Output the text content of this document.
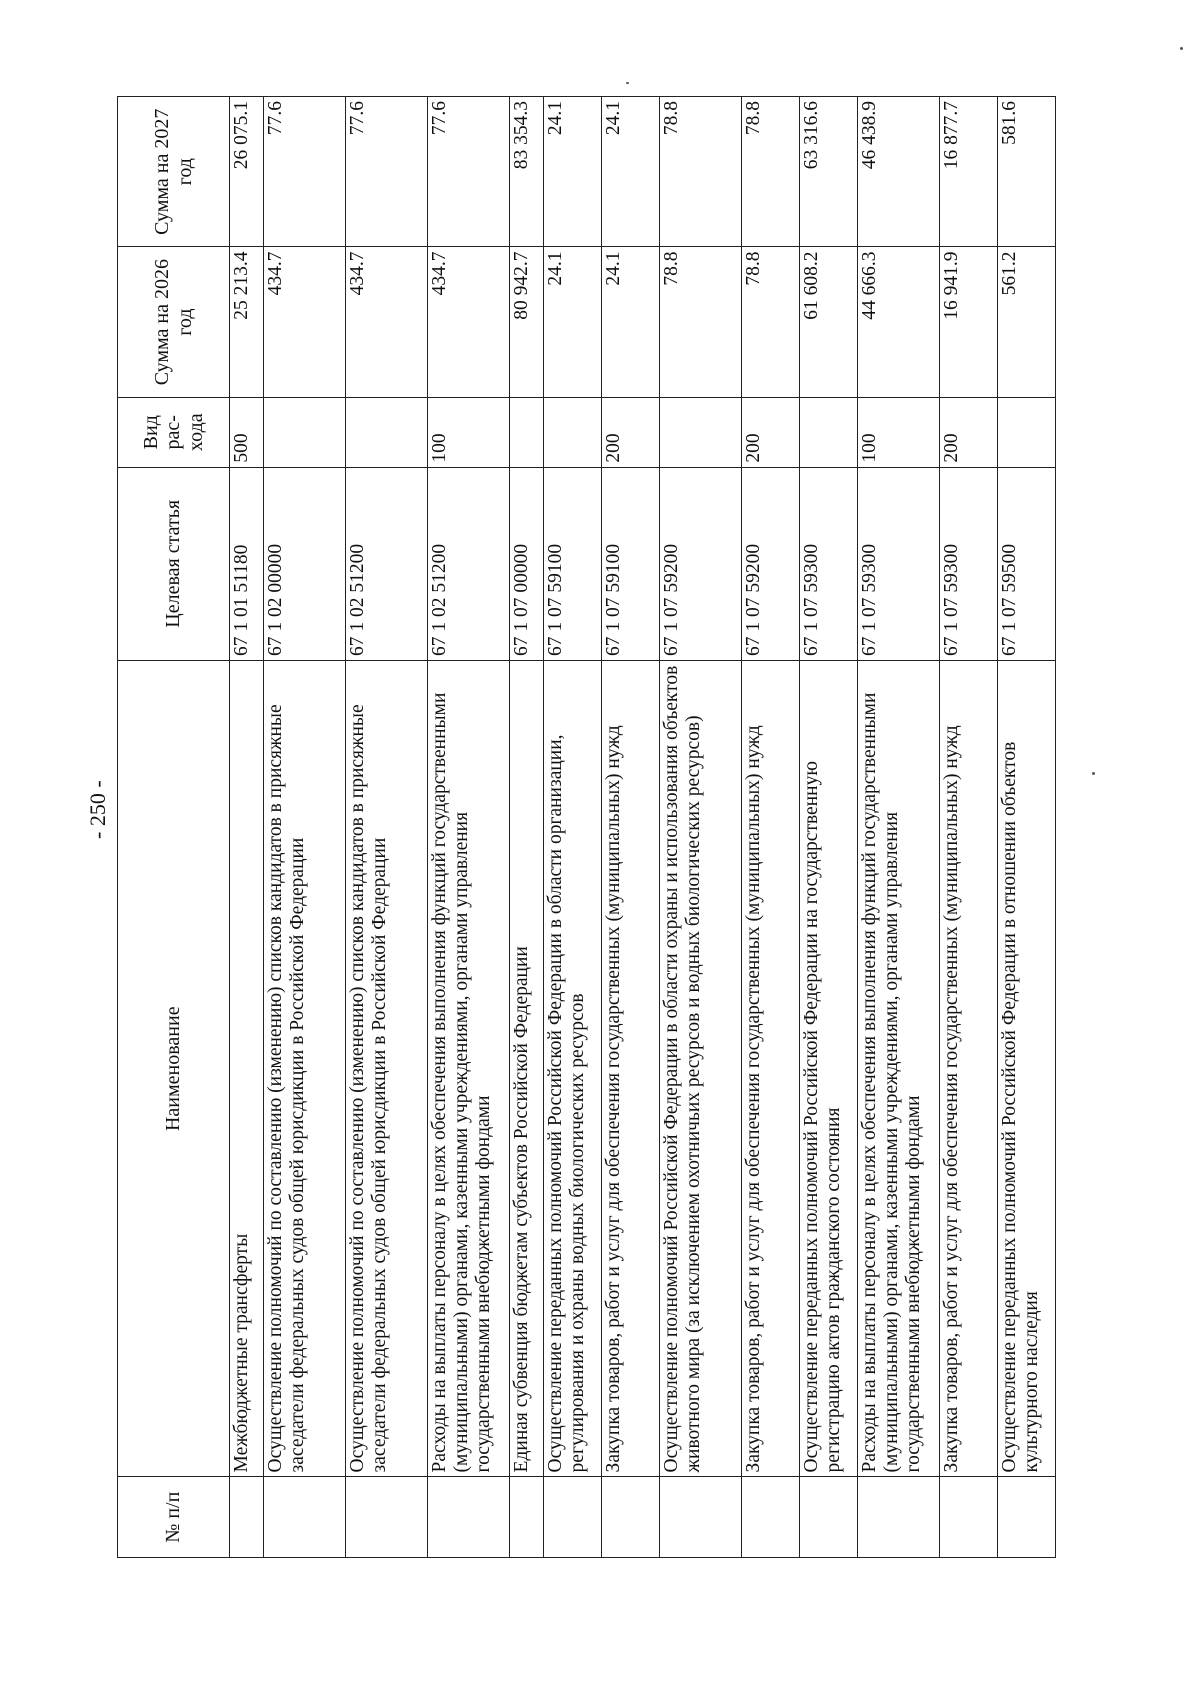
- 250 -
№ п/п	Наименование	Целевая статья	Вид рас- хода	Сумма на 2026 год	Сумма на 2027 год
	Межбюджетные трансферты	67 1 01 51180	500	25 213.4	26 075.1
	Осуществление полномочий по составлению (изменению) списков кандидатов в присяжные заседатели федеральных судов общей юрисдикции в Российской Федерации	67 1 02 00000		434.7	77.6
	Осуществление полномочий по составлению (изменению) списков кандидатов в присяжные заседатели федеральных судов общей юрисдикции в Российской Федерации	67 1 02 51200		434.7	77.6
	Расходы на выплаты персоналу в целях обеспечения выполнения функций государственными (муниципальными) органами, казенными учреждениями, органами управления государственными внебюджетными фондами	67 1 02 51200	100	434.7	77.6
	Единая субвенция бюджетам субъектов Российской Федерации	67 1 07 00000		80 942.7	83 354.3
	Осуществление переданных полномочий Российской Федерации в области организации, регулирования и охраны водных биологических ресурсов	67 1 07 59100		24.1	24.1
	Закупка товаров, работ и услуг для обеспечения государственных (муниципальных) нужд	67 1 07 59100	200	24.1	24.1
	Осуществление полномочий Российской Федерации в области охраны и использования объектов животного мира (за исключением охотничьих ресурсов и водных биологических ресурсов)	67 1 07 59200		78.8	78.8
	Закупка товаров, работ и услуг для обеспечения государственных (муниципальных) нужд	67 1 07 59200	200	78.8	78.8
	Осуществление переданных полномочий Российской Федерации на государственную регистрацию актов гражданского состояния	67 1 07 59300		61 608.2	63 316.6
	Расходы на выплаты персоналу в целях обеспечения выполнения функций государственными (муниципальными) органами, казенными учреждениями, органами управления государственными внебюджетными фондами	67 1 07 59300	100	44 666.3	46 438.9
	Закупка товаров, работ и услуг для обеспечения государственных (муниципальных) нужд	67 1 07 59300	200	16 941.9	16 877.7
	Осуществление переданных полномочий Российской Федерации в отношении объектов культурного наследия	67 1 07 59500		561.2	581.6
